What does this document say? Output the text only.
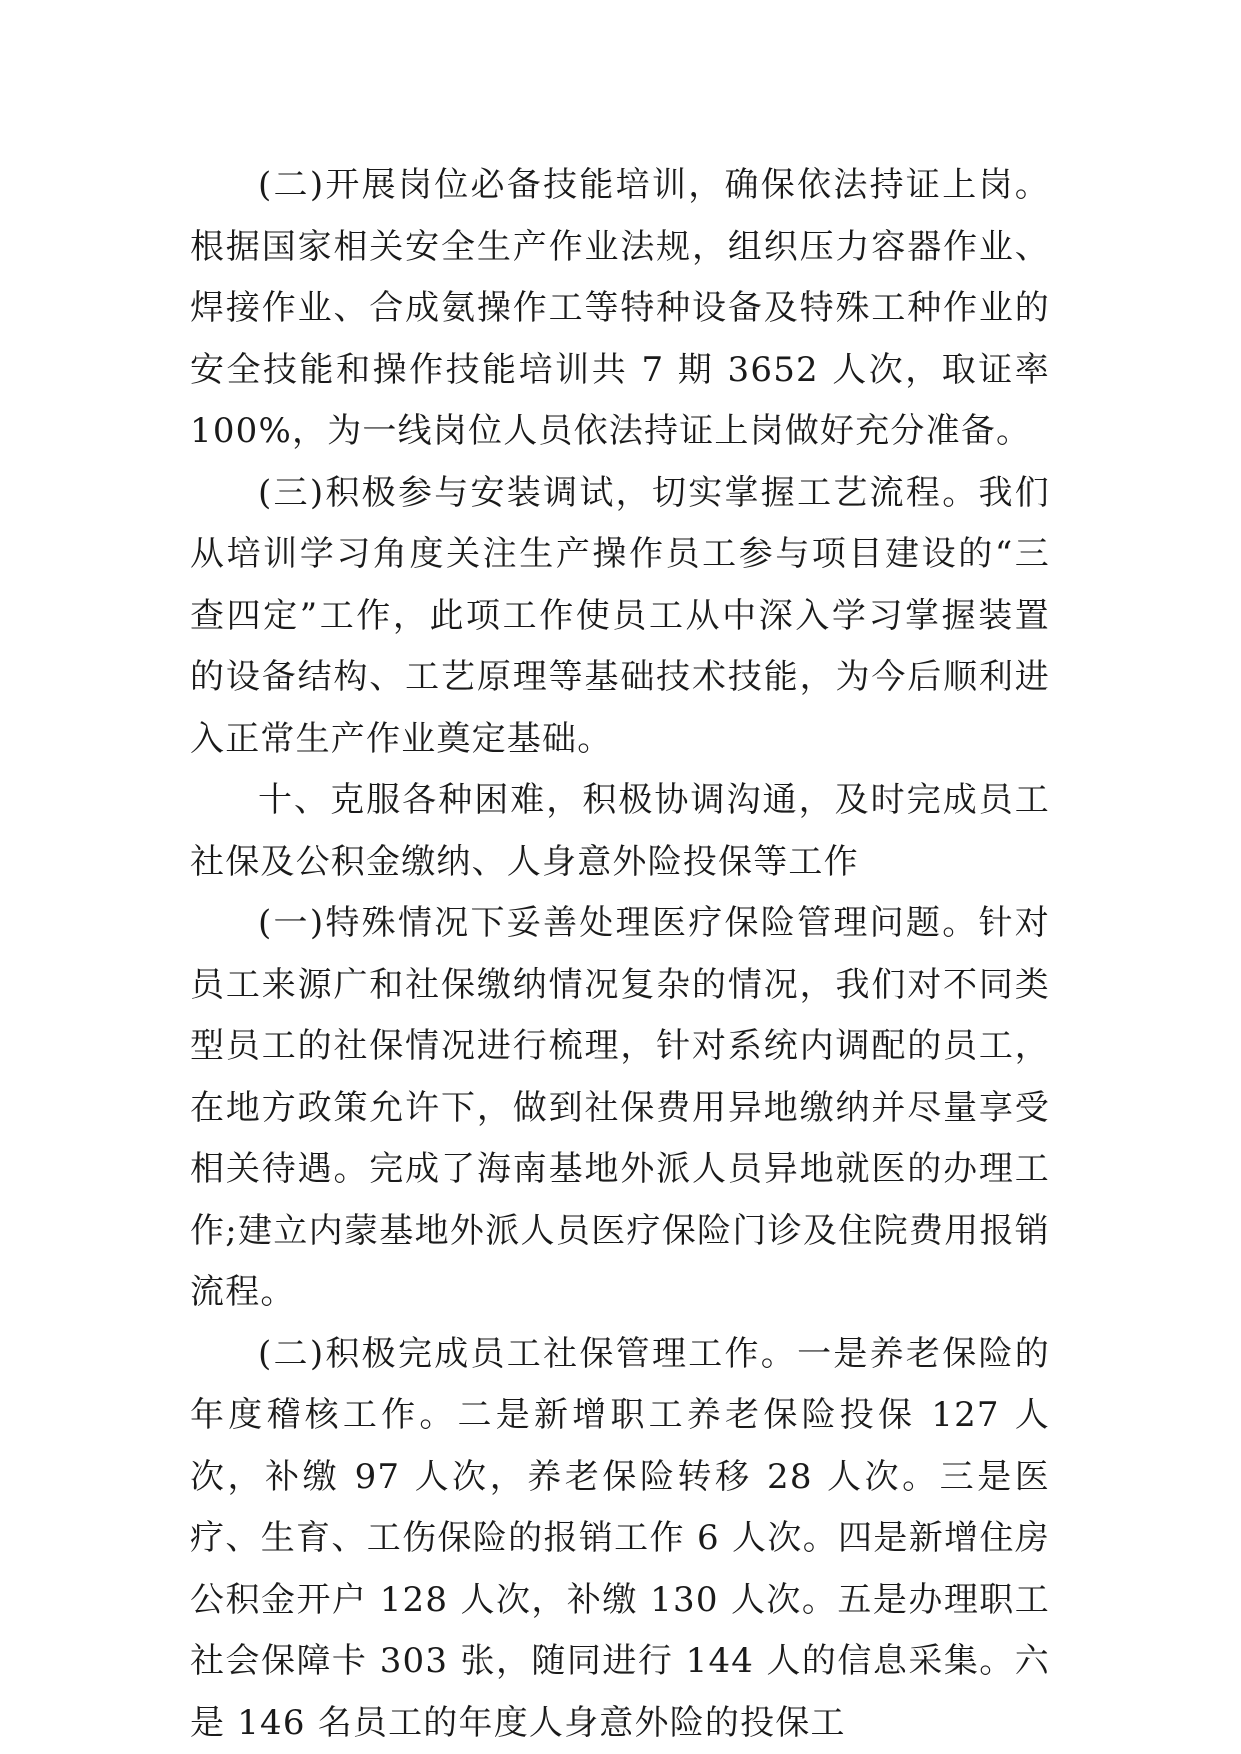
(二)开展岗位必备技能培训，确保依法持证上岗。根据国家相关安全生产作业法规，组织压力容器作业、焊接作业、合成氨操作工等特种设备及特殊工种作业的安全技能和操作技能培训共 7 期 3652 人次，取证率 100%，为一线岗位人员依法持证上岗做好充分准备。

(三)积极参与安装调试，切实掌握工艺流程。我们从培训学习角度关注生产操作员工参与项目建设的“三查四定”工作，此项工作使员工从中深入学习掌握装置的设备结构、工艺原理等基础技术技能，为今后顺利进入正常生产作业奠定基础。

十、克服各种困难，积极协调沟通，及时完成员工社保及公积金缴纳、人身意外险投保等工作

(一)特殊情况下妥善处理医疗保险管理问题。针对员工来源广和社保缴纳情况复杂的情况，我们对不同类型员工的社保情况进行梳理，针对系统内调配的员工，在地方政策允许下，做到社保费用异地缴纳并尽量享受相关待遇。完成了海南基地外派人员异地就医的办理工作;建立内蒙基地外派人员医疗保险门诊及住院费用报销流程。

(二)积极完成员工社保管理工作。一是养老保险的年度稽核工作。二是新增职工养老保险投保 127 人次，补缴 97 人次，养老保险转移 28 人次。三是医疗、生育、工伤保险的报销工作 6 人次。四是新增住房公积金开户 128 人次，补缴 130 人次。五是办理职工社会保障卡 303 张，随同进行 144 人的信息采集。六是 146 名员工的年度人身意外险的投保工
